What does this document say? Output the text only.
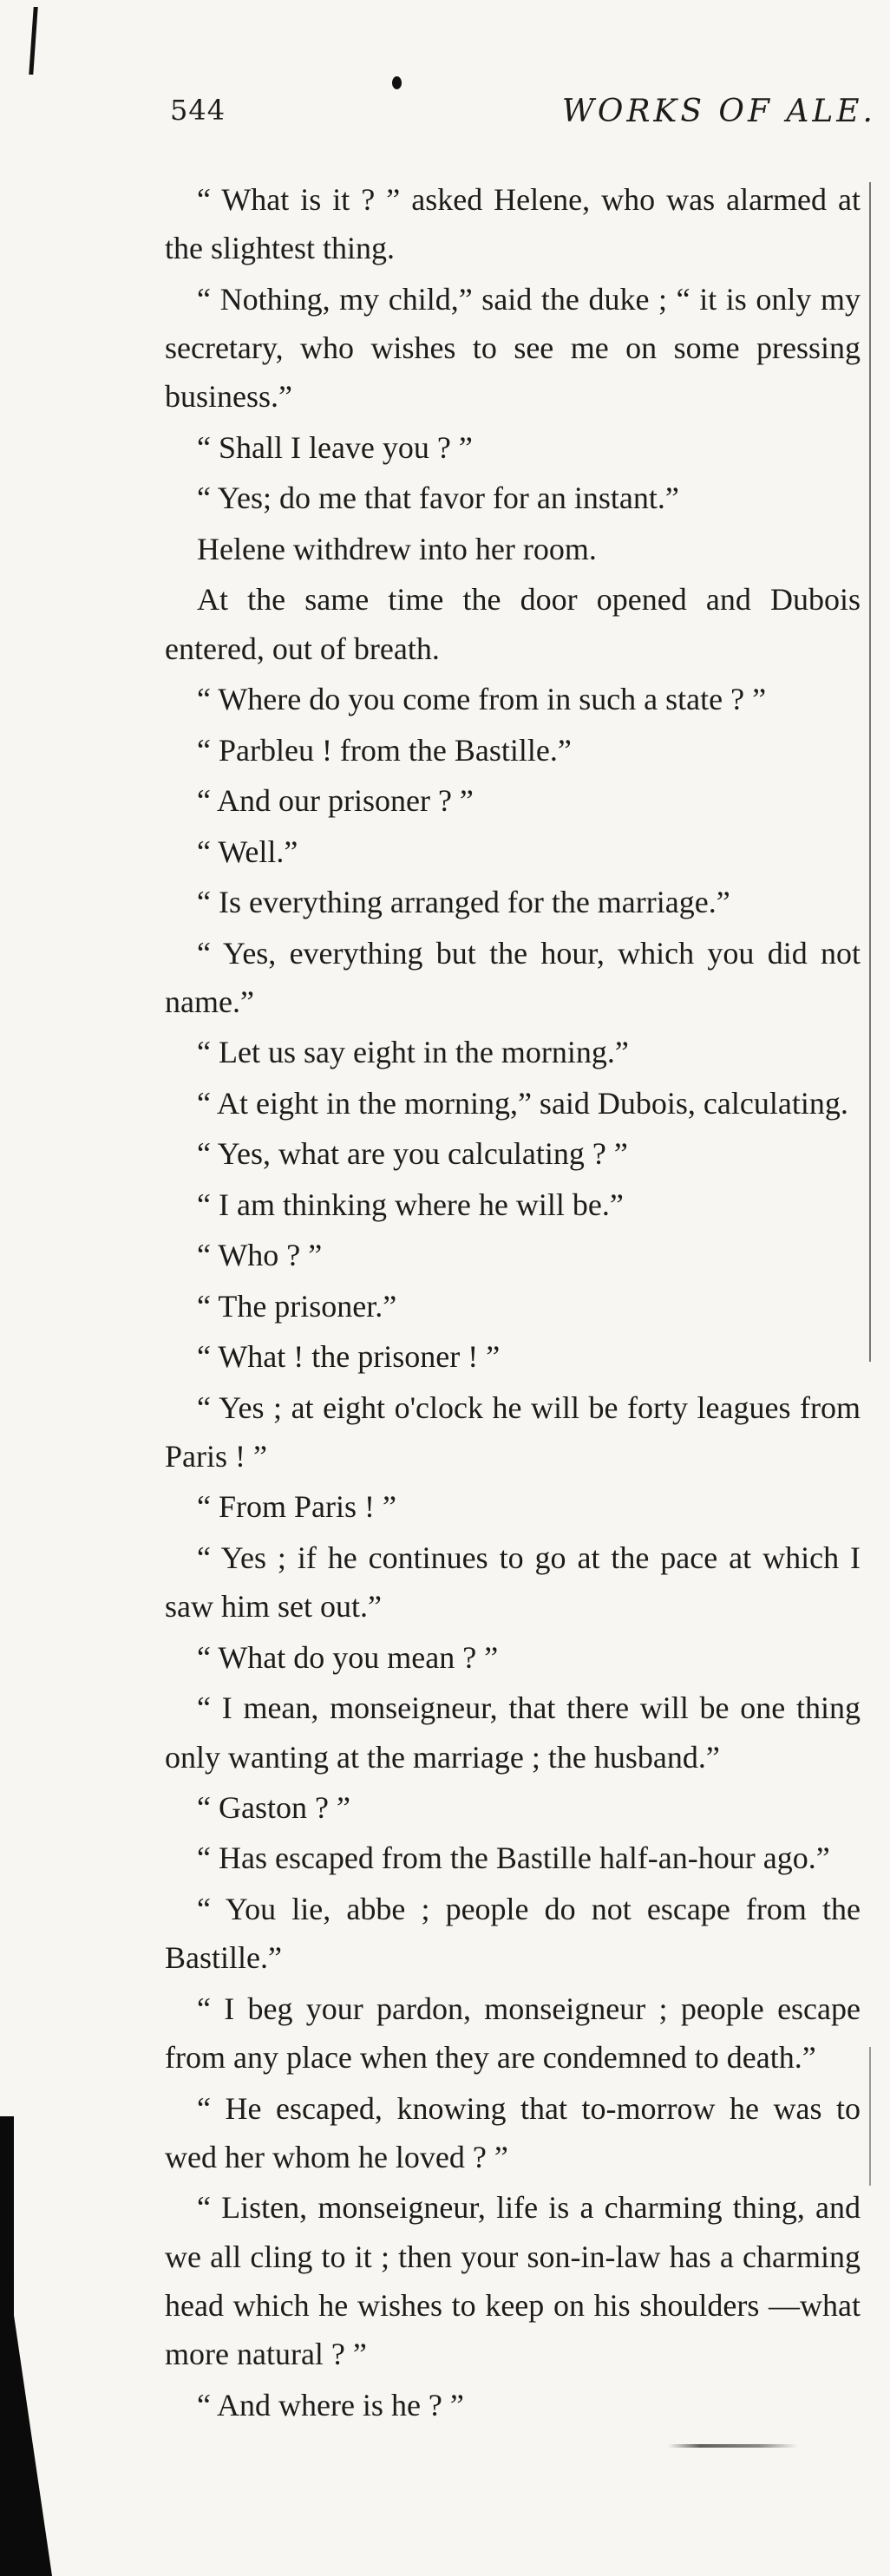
544	WORKS OF ALE.

“ What is it ? ” asked Helene, who was alarmed at the slightest thing.

“ Nothing, my child,” said the duke ; “ it is only my secretary, who wishes to see me on some pressing business.”

“ Shall I leave you ? ”

“ Yes; do me that favor for an instant.”

Helene withdrew into her room.

At the same time the door opened and Dubois entered, out of breath.

“ Where do you come from in such a state ? ”

“ Parbleu ! from the Bastille.”

“ And our prisoner ? ”

“ Well.”

“ Is everything arranged for the marriage.”

“ Yes, everything but the hour, which you did not name.”

“ Let us say eight in the morning.”

“ At eight in the morning,” said Dubois, calculating.

“ Yes, what are you calculating ? ”

“ I am thinking where he will be.”

“ Who ? ”

“ The prisoner.”

“ What ! the prisoner ! ”

“ Yes ; at eight o'clock he will be forty leagues from Paris ! ”

“ From Paris ! ”

“ Yes ; if he continues to go at the pace at which I saw him set out.”

“ What do you mean ? ”

“ I mean, monseigneur, that there will be one thing only wanting at the marriage ; the husband.”

“ Gaston ? ”

“ Has escaped from the Bastille half-an-hour ago.”

“ You lie, abbe ; people do not escape from the Bastille.”

“ I beg your pardon, monseigneur ; people escape from any place when they are condemned to death.”

“ He escaped, knowing that to-morrow he was to wed her whom he loved ? ”

“ Listen, monseigneur, life is a charming thing, and we all cling to it ; then your son-in-law has a charming head which he wishes to keep on his shoulders —what more natural ? ”

“ And where is he ? ”
